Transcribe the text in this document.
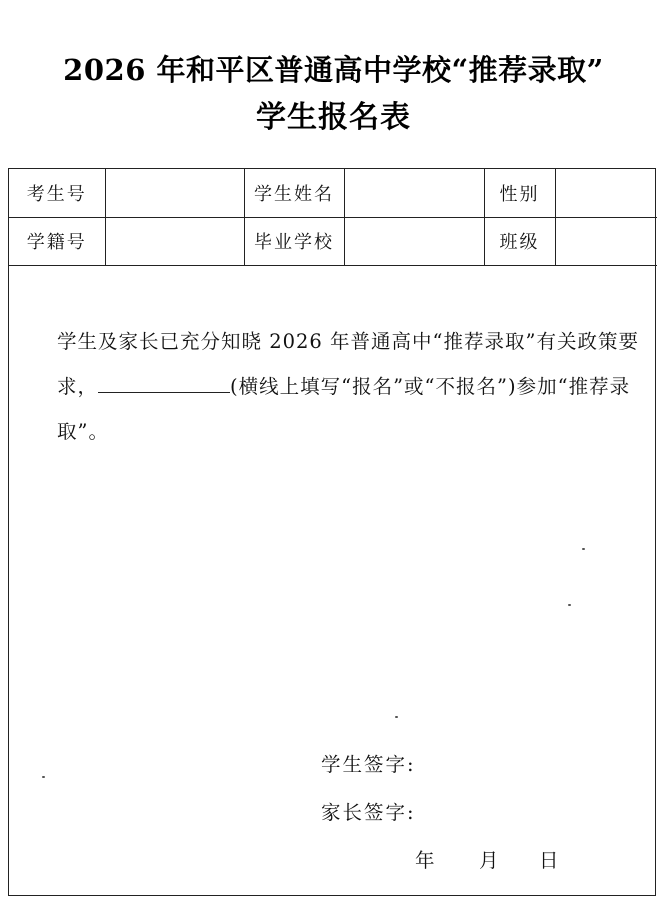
2026 年和平区普通高中学校“推荐录取”
学生报名表
考生号		学生姓名		性别	
学籍号		毕业学校		班级	

学生及家长已充分知晓 2026 年普通高中“推荐录取”有关政策要求，	(横线上填写“报名”或“不报名”)参加“推荐录取”。

学生签字:
家长签字:
年 月 日
